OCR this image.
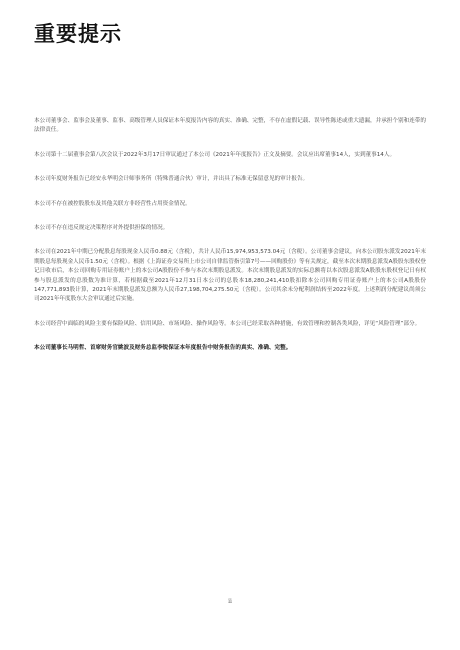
重要提示

本公司董事会、监事会及董事、监事、高级管理人员保证本年度报告内容的真实、准确、完整，不存在虚假记载、误导性陈述或重大遗漏，并承担个别和连带的法律责任。

本公司第十二届董事会第八次会议于2022年3月17日审议通过了本公司《2021年年度报告》正文及摘要。会议应出席董事14人，实到董事14人。

本公司年度财务报告已经安永华明会计师事务所（特殊普通合伙）审计，并出具了标准无保留意见的审计报告。

本公司不存在被控股股东及其他关联方非经营性占用资金情况。

本公司不存在违反规定决策程序对外提供担保的情况。

本公司在2021年中期已分配股息每股现金人民币0.88元（含税），共计人民币15,974,953,573.04元（含税）。公司董事会建议，向本公司股东派发2021年末期股息每股现金人民币1.50元（含税）。根据《上海证券交易所上市公司自律监管指引第7号——回购股份》等有关规定，截至本次末期股息派发A股股东股权登记日收市后，本公司回购专用证券账户上的本公司A股股份不参与本次末期股息派发。本次末期股息派发的实际总额将以本次股息派发A股股东股权登记日有权参与股息派发的总股数为准计算，若根据截至2021年12月31日本公司的总股本18,280,241,410股扣除本公司回购专用证券账户上的本公司A股股份147,771,893股计算，2021年末期股息派发总额为人民币27,198,704,275.50元（含税）。公司其余未分配利润结转至2022年度。上述利润分配建议尚须公司2021年年度股东大会审议通过后实施。

本公司经营中面临的风险主要有保险风险、信用风险、市场风险、操作风险等。本公司已经采取各种措施，有效管理和控制各类风险，详见“风险管理”部分。

本公司董事长马明哲、首席财务官姚波及财务总监李锐保证本年度报告中财务报告的真实、准确、完整。

ii
